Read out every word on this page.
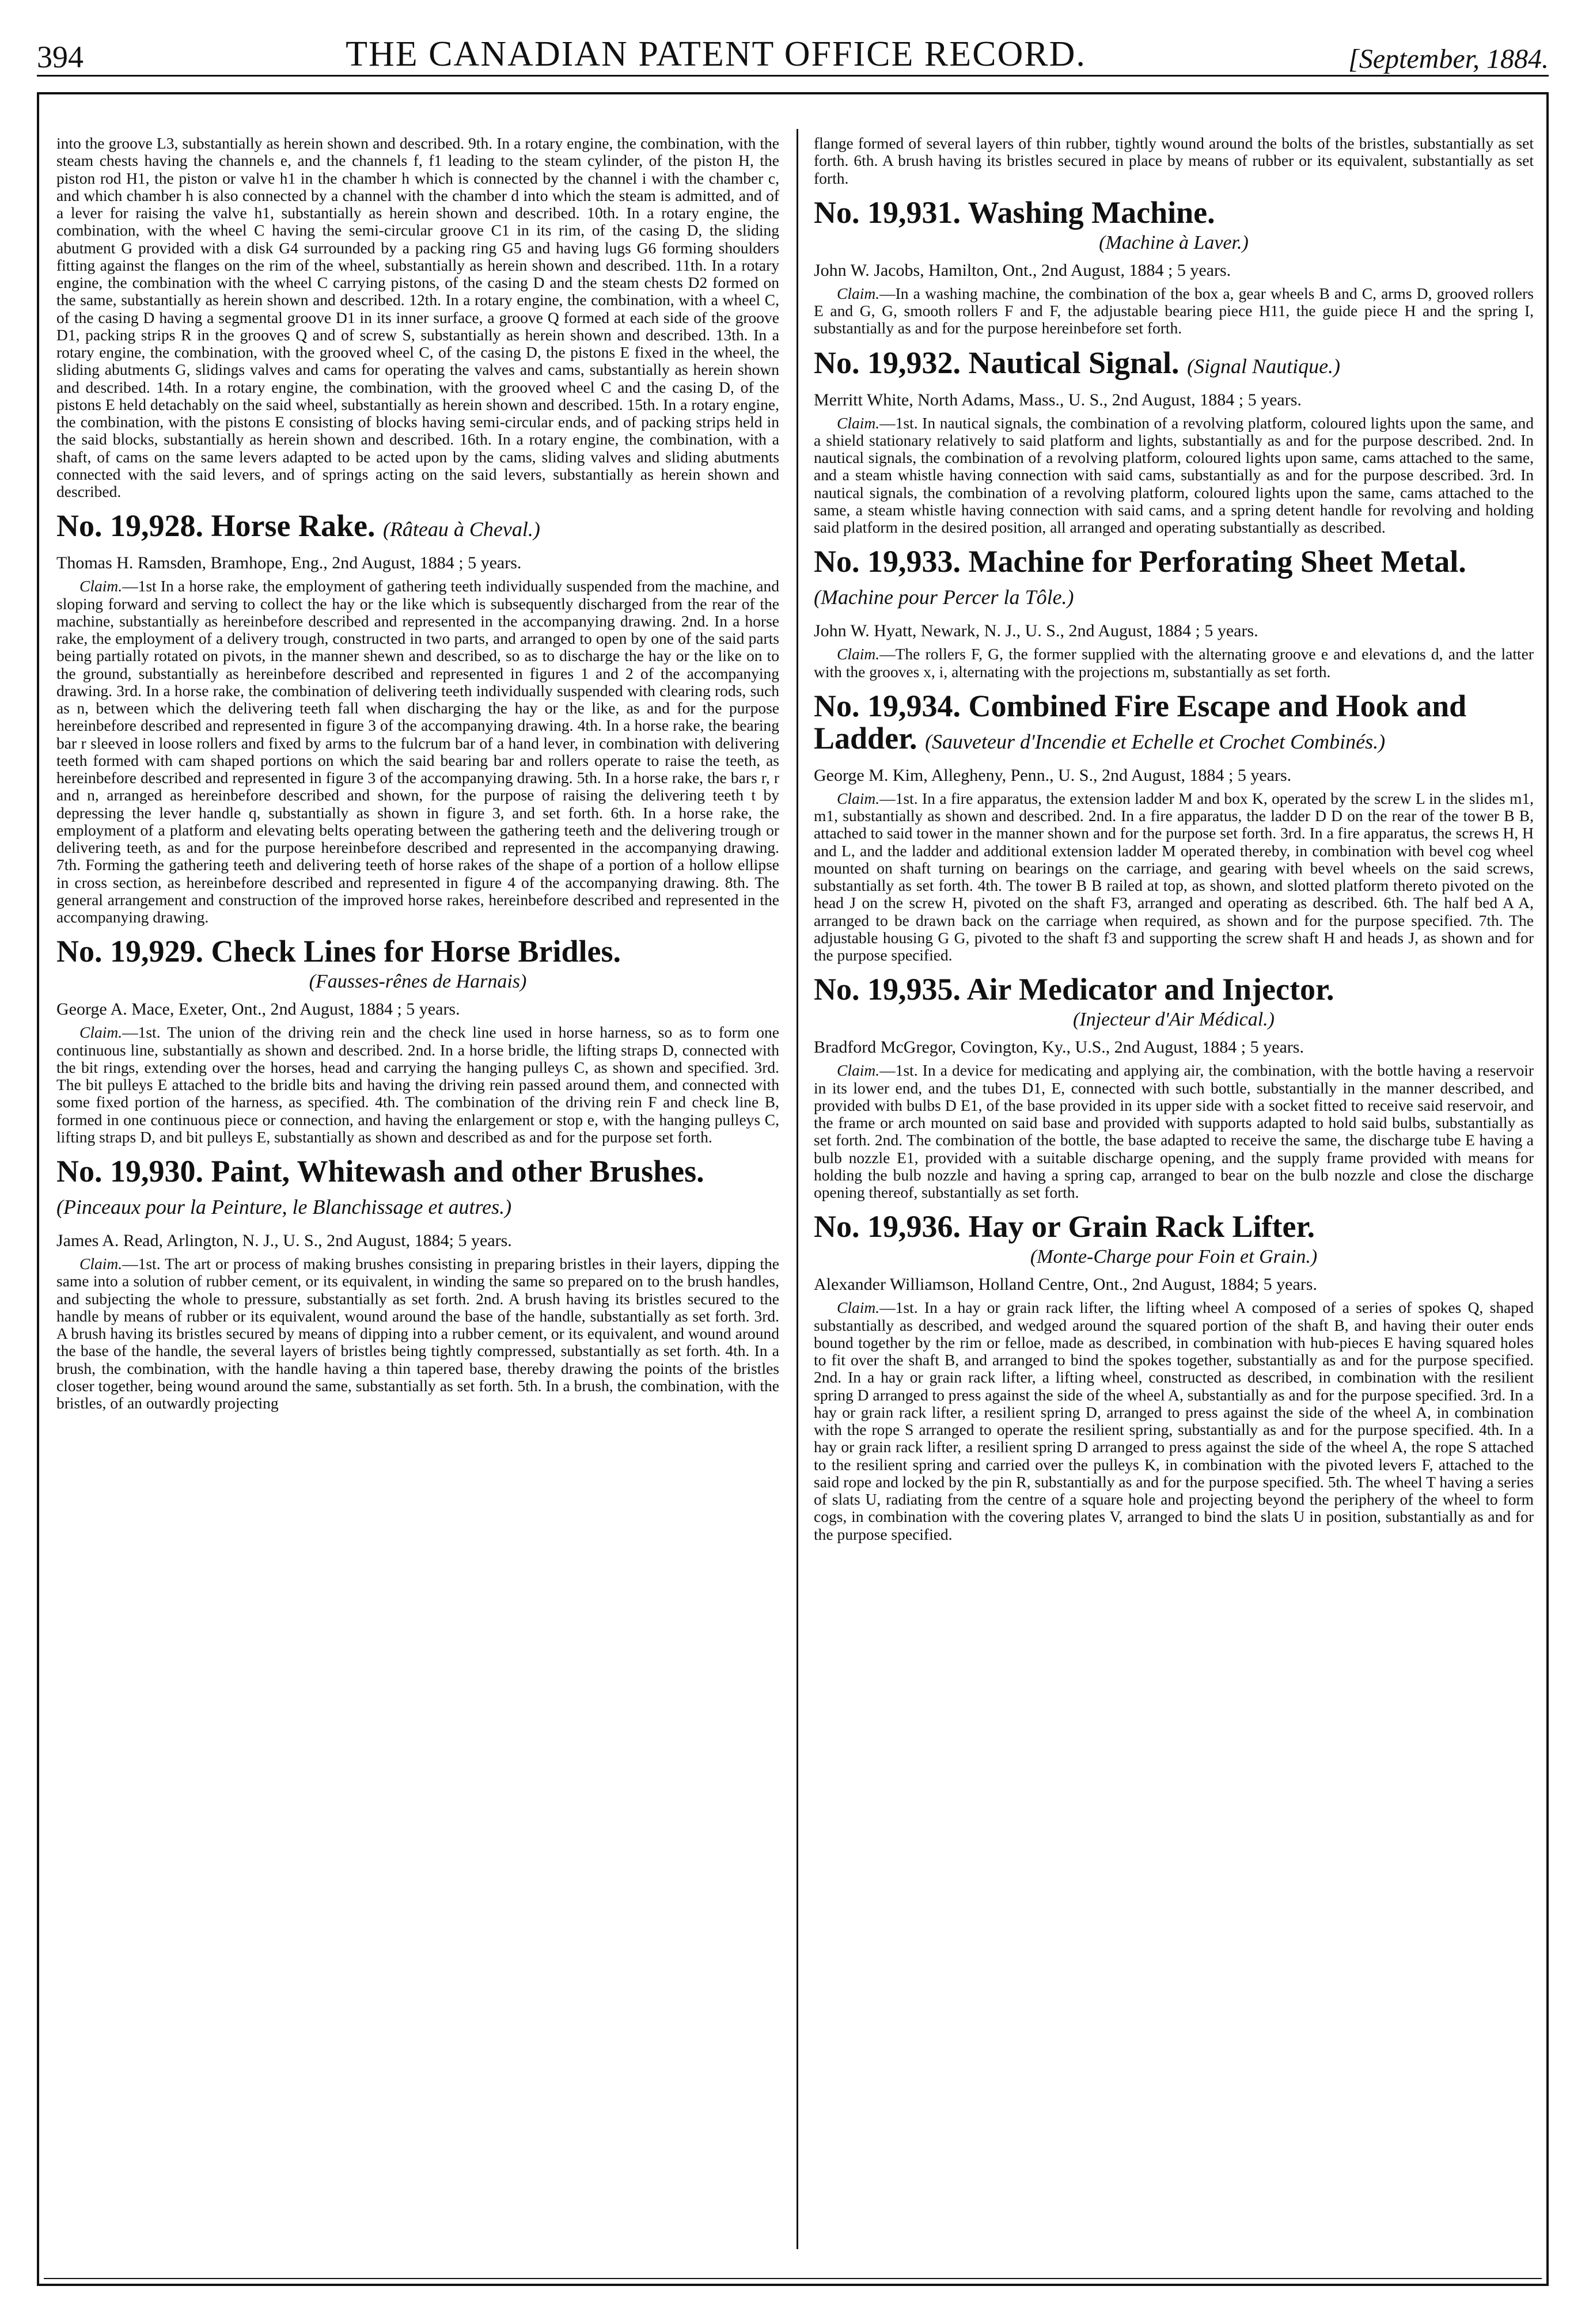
394	THE CANADIAN PATENT OFFICE RECORD.	[September, 1884.

into the groove L3, substantially as herein shown and described. 9th. In a rotary engine, the combination, with the steam chests having the channels e, and the channels f, f1 leading to the steam cylinder, of the piston H, the piston rod H1, the piston or valve h1 in the chamber h which is connected by the channel i with the chamber c, and which chamber h is also connected by a channel with the chamber d into which the steam is admitted, and of a lever for raising the valve h1, substantially as herein shown and described. 10th. In a rotary engine, the combination, with the wheel C having the semi-circular groove C1 in its rim, of the casing D, the sliding abutment G provided with a disk G4 surrounded by a packing ring G5 and having lugs G6 forming shoulders fitting against the flanges on the rim of the wheel, substantially as herein shown and described. 11th. In a rotary engine, the combination with the wheel C carrying pistons, of the casing D and the steam chests D2 formed on the same, substantially as herein shown and described. 12th. In a rotary engine, the combination, with a wheel C, of the casing D having a segmental groove D1 in its inner surface, a groove Q formed at each side of the groove D1, packing strips R in the grooves Q and of screw S, substantially as herein shown and described. 13th. In a rotary engine, the combination, with the grooved wheel C, of the casing D, the pistons E fixed in the wheel, the sliding abutments G, slidings valves and cams for operating the valves and cams, substantially as herein shown and described. 14th. In a rotary engine, the combination, with the grooved wheel C and the casing D, of the pistons E held detachably on the said wheel, substantially as herein shown and described. 15th. In a rotary engine, the combination, with the pistons E consisting of blocks having semi-circular ends, and of packing strips held in the said blocks, substantially as herein shown and described. 16th. In a rotary engine, the combination, with a shaft, of cams on the same levers adapted to be acted upon by the cams, sliding valves and sliding abutments connected with the said levers, and of springs acting on the said levers, substantially as herein shown and described.

No. 19,928. Horse Rake. (Râteau à Cheval.)

Thomas H. Ramsden, Bramhope, Eng., 2nd August, 1884 ; 5 years.

Claim.—1st In a horse rake, the employment of gathering teeth individually suspended from the machine, and sloping forward and serving to collect the hay or the like which is subsequently discharged from the rear of the machine, substantially as hereinbefore described and represented in the accompanying drawing. 2nd. In a horse rake, the employment of a delivery trough, constructed in two parts, and arranged to open by one of the said parts being partially rotated on pivots, in the manner shewn and described, so as to discharge the hay or the like on to the ground, substantially as hereinbefore described and represented in figures 1 and 2 of the accompanying drawing. 3rd. In a horse rake, the combination of delivering teeth individually suspended with clearing rods, such as n, between which the delivering teeth fall when discharging the hay or the like, as and for the purpose hereinbefore described and represented in figure 3 of the accompanying drawing. 4th. In a horse rake, the bearing bar r sleeved in loose rollers and fixed by arms to the fulcrum bar of a hand lever, in combination with delivering teeth formed with cam shaped portions on which the said bearing bar and rollers operate to raise the teeth, as hereinbefore described and represented in figure 3 of the accompanying drawing. 5th. In a horse rake, the bars r, r and n, arranged as hereinbefore described and shown, for the purpose of raising the delivering teeth t by depressing the lever handle q, substantially as shown in figure 3, and set forth. 6th. In a horse rake, the employment of a platform and elevating belts operating between the gathering teeth and the delivering trough or delivering teeth, as and for the purpose hereinbefore described and represented in the accompanying drawing. 7th. Forming the gathering teeth and delivering teeth of horse rakes of the shape of a portion of a hollow ellipse in cross section, as hereinbefore described and represented in figure 4 of the accompanying drawing. 8th. The general arrangement and construction of the improved horse rakes, hereinbefore described and represented in the accompanying drawing.

No. 19,929. Check Lines for Horse Bridles.
(Fausses-rênes de Harnais)

George A. Mace, Exeter, Ont., 2nd August, 1884 ; 5 years.

Claim.—1st. The union of the driving rein and the check line used in horse harness, so as to form one continuous line, substantially as shown and described. 2nd. In a horse bridle, the lifting straps D, connected with the bit rings, extending over the horses, head and carrying the hanging pulleys C, as shown and specified. 3rd. The bit pulleys E attached to the bridle bits and having the driving rein passed around them, and connected with some fixed portion of the harness, as specified. 4th. The combination of the driving rein F and check line B, formed in one continuous piece or connection, and having the enlargement or stop e, with the hanging pulleys C, lifting straps D, and bit pulleys E, substantially as shown and described as and for the purpose set forth.

No. 19,930. Paint, Whitewash and other Brushes. (Pinceaux pour la Peinture, le Blanchissage et autres.)

James A. Read, Arlington, N. J., U. S., 2nd August, 1884; 5 years.

Claim.—1st. The art or process of making brushes consisting in preparing bristles in their layers, dipping the same into a solution of rubber cement, or its equivalent, in winding the same so prepared on to the brush handles, and subjecting the whole to pressure, substantially as set forth. 2nd. A brush having its bristles secured to the handle by means of rubber or its equivalent, wound around the base of the handle, substantially as set forth. 3rd. A brush having its bristles secured by means of dipping into a rubber cement, or its equivalent, and wound around the base of the handle, the several layers of bristles being tightly compressed, substantially as set forth. 4th. In a brush, the combination, with the handle having a thin tapered base, thereby drawing the points of the bristles closer together, being wound around the same, substantially as set forth. 5th. In a brush, the combination, with the bristles, of an outwardly projecting

flange formed of several layers of thin rubber, tightly wound around the bolts of the bristles, substantially as set forth. 6th. A brush having its bristles secured in place by means of rubber or its equivalent, substantially as set forth.

No. 19,931. Washing Machine.
(Machine à Laver.)

John W. Jacobs, Hamilton, Ont., 2nd August, 1884 ; 5 years.

Claim.—In a washing machine, the combination of the box a, gear wheels B and C, arms D, grooved rollers E and G, G, smooth rollers F and F, the adjustable bearing piece H11, the guide piece H and the spring I, substantially as and for the purpose hereinbefore set forth.

No. 19,932. Nautical Signal. (Signal Nautique.)

Merritt White, North Adams, Mass., U. S., 2nd August, 1884 ; 5 years.

Claim.—1st. In nautical signals, the combination of a revolving platform, coloured lights upon the same, and a shield stationary relatively to said platform and lights, substantially as and for the purpose described. 2nd. In nautical signals, the combination of a revolving platform, coloured lights upon same, cams attached to the same, and a steam whistle having connection with said cams, substantially as and for the purpose described. 3rd. In nautical signals, the combination of a revolving platform, coloured lights upon the same, cams attached to the same, a steam whistle having connection with said cams, and a spring detent handle for revolving and holding said platform in the desired position, all arranged and operating substantially as described.

No. 19,933. Machine for Perforating Sheet Metal. (Machine pour Percer la Tôle.)

John W. Hyatt, Newark, N. J., U. S., 2nd August, 1884 ; 5 years.

Claim.—The rollers F, G, the former supplied with the alternating groove e and elevations d, and the latter with the grooves x, i, alternating with the projections m, substantially as set forth.

No. 19,934. Combined Fire Escape and Hook and Ladder. (Sauveteur d'Incendie et Echelle et Crochet Combinés.)

George M. Kim, Allegheny, Penn., U. S., 2nd August, 1884 ; 5 years.

Claim.—1st. In a fire apparatus, the extension ladder M and box K, operated by the screw L in the slides m1, m1, substantially as shown and described. 2nd. In a fire apparatus, the ladder D D on the rear of the tower B B, attached to said tower in the manner shown and for the purpose set forth. 3rd. In a fire apparatus, the screws H, H and L, and the ladder and additional extension ladder M operated thereby, in combination with bevel cog wheel mounted on shaft turning on bearings on the carriage, and gearing with bevel wheels on the said screws, substantially as set forth. 4th. The tower B B railed at top, as shown, and slotted platform thereto pivoted on the head J on the screw H, pivoted on the shaft F3, arranged and operating as described. 6th. The half bed A A, arranged to be drawn back on the carriage when required, as shown and for the purpose specified. 7th. The adjustable housing G G, pivoted to the shaft f3 and supporting the screw shaft H and heads J, as shown and for the purpose specified.

No. 19,935. Air Medicator and Injector.
(Injecteur d'Air Médical.)

Bradford McGregor, Covington, Ky., U.S., 2nd August, 1884 ; 5 years.

Claim.—1st. In a device for medicating and applying air, the combination, with the bottle having a reservoir in its lower end, and the tubes D1, E, connected with such bottle, substantially in the manner described, and provided with bulbs D E1, of the base provided in its upper side with a socket fitted to receive said reservoir, and the frame or arch mounted on said base and provided with supports adapted to hold said bulbs, substantially as set forth. 2nd. The combination of the bottle, the base adapted to receive the same, the discharge tube E having a bulb nozzle E1, provided with a suitable discharge opening, and the supply frame provided with means for holding the bulb nozzle and having a spring cap, arranged to bear on the bulb nozzle and close the discharge opening thereof, substantially as set forth.

No. 19,936. Hay or Grain Rack Lifter.
(Monte-Charge pour Foin et Grain.)

Alexander Williamson, Holland Centre, Ont., 2nd August, 1884; 5 years.

Claim.—1st. In a hay or grain rack lifter, the lifting wheel A composed of a series of spokes Q, shaped substantially as described, and wedged around the squared portion of the shaft B, and having their outer ends bound together by the rim or felloe, made as described, in combination with hub-pieces E having squared holes to fit over the shaft B, and arranged to bind the spokes together, substantially as and for the purpose specified. 2nd. In a hay or grain rack lifter, a lifting wheel, constructed as described, in combination with the resilient spring D arranged to press against the side of the wheel A, substantially as and for the purpose specified. 3rd. In a hay or grain rack lifter, a resilient spring D, arranged to press against the side of the wheel A, in combination with the rope S arranged to operate the resilient spring, substantially as and for the purpose specified. 4th. In a hay or grain rack lifter, a resilient spring D arranged to press against the side of the wheel A, the rope S attached to the resilient spring and carried over the pulleys K, in combination with the pivoted levers F, attached to the said rope and locked by the pin R, substantially as and for the purpose specified. 5th. The wheel T having a series of slats U, radiating from the centre of a square hole and projecting beyond the periphery of the wheel to form cogs, in combination with the covering plates V, arranged to bind the slats U in position, substantially as and for the purpose specified.
